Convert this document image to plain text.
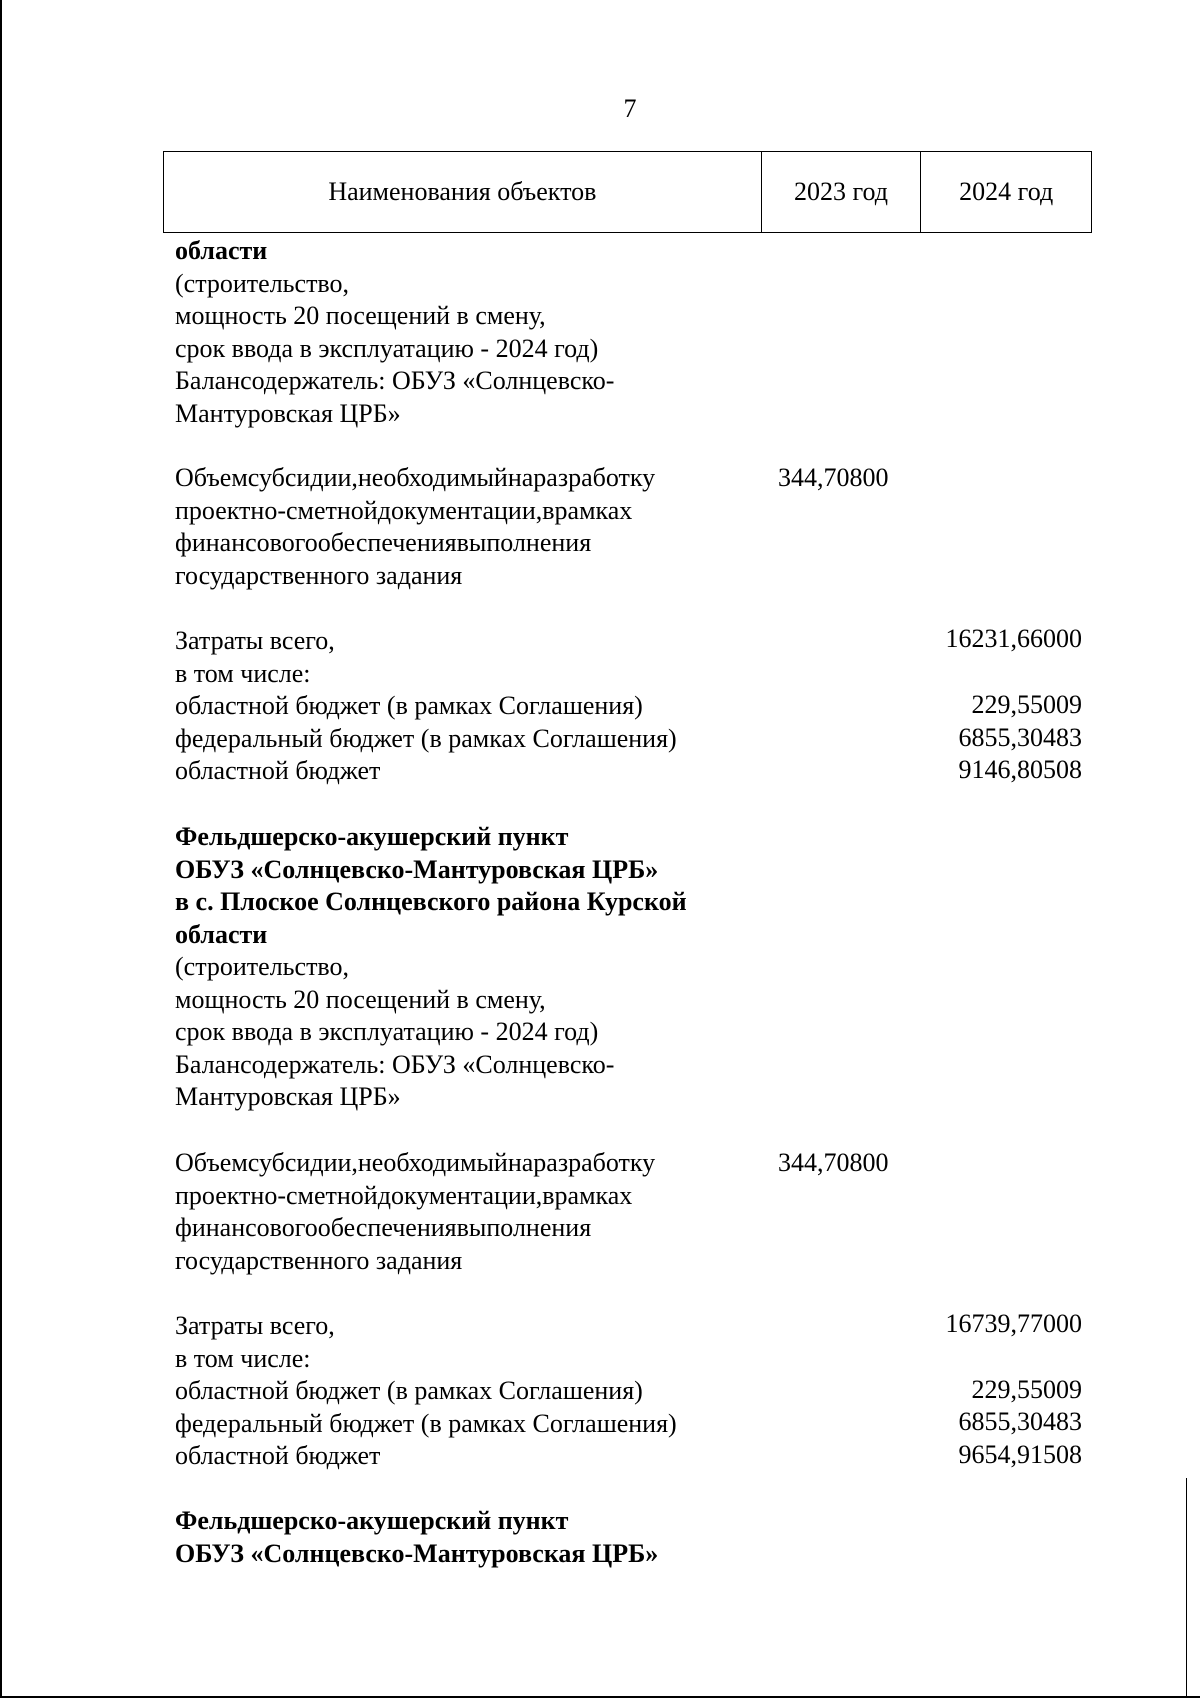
7
Наименования объектов	2023 год	2024 год
области
(строительство,
мощность 20 посещений в смену,
срок ввода в эксплуатацию - 2024 год)
Балансодержатель: ОБУЗ «Солнцевско-
Мантуровская ЦРБ»
Объемсубсидии,необходимыйнаразработку
проектно-сметнойдокументации,врамках
финансовогообеспечениявыполнения
государственного задания
344,70800
Затраты всего,
в том числе:
областной бюджет (в рамках Соглашения)
федеральный бюджет (в рамках Соглашения)
областной бюджет
16231,66000
229,55009
6855,30483
9146,80508
Фельдшерско-акушерский пункт
ОБУЗ «Солнцевско-Мантуровская ЦРБ»
в с. Плоское Солнцевского района Курской
области
(строительство,
мощность 20 посещений в смену,
срок ввода в эксплуатацию - 2024 год)
Балансодержатель: ОБУЗ «Солнцевско-
Мантуровская ЦРБ»
Объемсубсидии,необходимыйнаразработку
проектно-сметнойдокументации,врамках
финансовогообеспечениявыполнения
государственного задания
344,70800
Затраты всего,
в том числе:
областной бюджет (в рамках Соглашения)
федеральный бюджет (в рамках Соглашения)
областной бюджет
16739,77000
229,55009
6855,30483
9654,91508
Фельдшерско-акушерский пункт
ОБУЗ «Солнцевско-Мантуровская ЦРБ»
